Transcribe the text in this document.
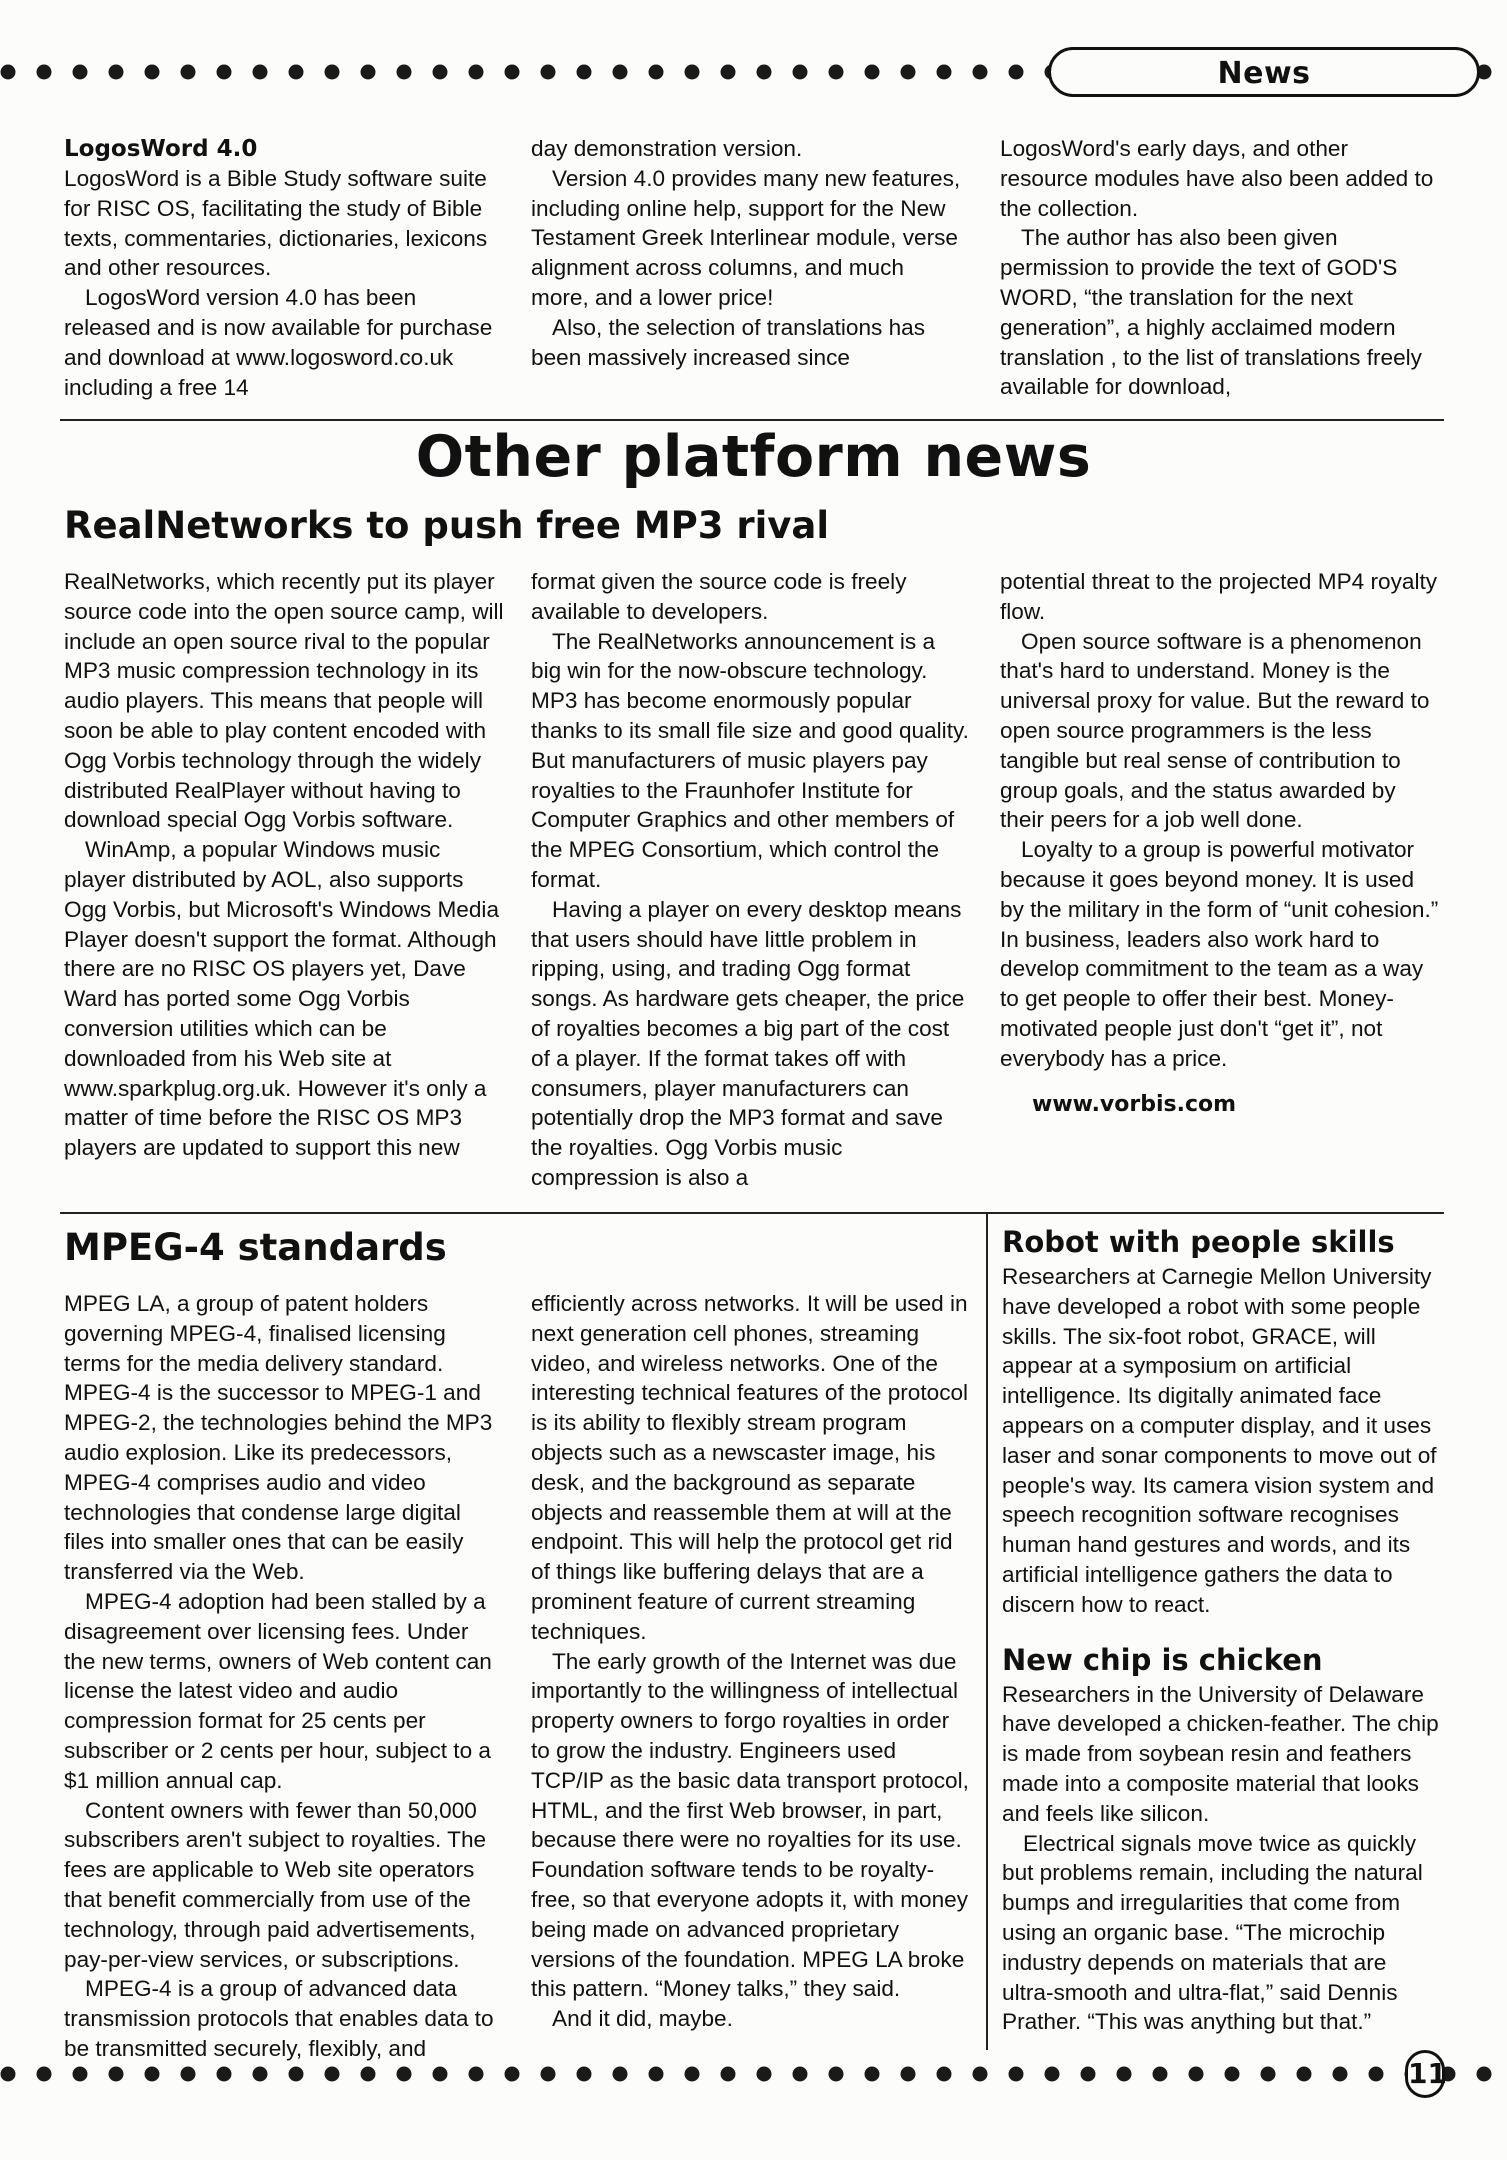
News
LogosWord 4.0

LogosWord is a Bible Study software suite for RISC OS, facilitating the study of Bible texts, commentaries, dictionaries, lexicons and other resources.

LogosWord version 4.0 has been released and is now available for purchase and download at www.logosword.co.uk including a free 14

day demonstration version.

Version 4.0 provides many new features, including online help, support for the New Testament Greek Interlinear module, verse alignment across columns, and much more, and a lower price!

Also, the selection of translations has been massively increased since

LogosWord's early days, and other resource modules have also been added to the collection.

The author has also been given permission to provide the text of GOD'S WORD, “the translation for the next generation”, a highly acclaimed modern translation , to the list of translations freely available for download,

Other platform news
RealNetworks to push free MP3 rival

RealNetworks, which recently put its player source code into the open source camp, will include an open source rival to the popular MP3 music compression technology in its audio players. This means that people will soon be able to play content encoded with Ogg Vorbis technology through the widely distributed RealPlayer without having to download special Ogg Vorbis software.

WinAmp, a popular Windows music player distributed by AOL, also supports Ogg Vorbis, but Microsoft's Windows Media Player doesn't support the format. Although there are no RISC OS players yet, Dave Ward has ported some Ogg Vorbis conversion utilities which can be downloaded from his Web site at www.sparkplug.org.uk. However it's only a matter of time before the RISC OS MP3 players are updated to support this new

format given the source code is freely available to developers.

The RealNetworks announcement is a big win for the now-obscure technology. MP3 has become enormously popular thanks to its small file size and good quality. But manufacturers of music players pay royalties to the Fraunhofer Institute for Computer Graphics and other members of the MPEG Consortium, which control the format.

Having a player on every desktop means that users should have little problem in ripping, using, and trading Ogg format songs. As hardware gets cheaper, the price of royalties becomes a big part of the cost of a player. If the format takes off with consumers, player manufacturers can potentially drop the MP3 format and save the royalties. Ogg Vorbis music compression is also a

potential threat to the projected MP4 royalty flow.

Open source software is a phenomenon that's hard to understand. Money is the universal proxy for value. But the reward to open source programmers is the less tangible but real sense of contribution to group goals, and the status awarded by their peers for a job well done.

Loyalty to a group is powerful motivator because it goes beyond money. It is used by the military in the form of “unit cohesion.” In business, leaders also work hard to develop commitment to the team as a way to get people to offer their best. Money-motivated people just don't “get it”, not everybody has a price.

www.vorbis.com

MPEG-4 standards

MPEG LA, a group of patent holders governing MPEG-4, finalised licensing terms for the media delivery standard. MPEG-4 is the successor to MPEG-1 and MPEG-2, the technologies behind the MP3 audio explosion. Like its predecessors, MPEG-4 comprises audio and video technologies that condense large digital files into smaller ones that can be easily transferred via the Web.

MPEG-4 adoption had been stalled by a disagreement over licensing fees. Under the new terms, owners of Web content can license the latest video and audio compression format for 25 cents per subscriber or 2 cents per hour, subject to a $1 million annual cap.

Content owners with fewer than 50,000 subscribers aren't subject to royalties. The fees are applicable to Web site operators that benefit commercially from use of the technology, through paid advertisements, pay-per-view services, or subscriptions.

MPEG-4 is a group of advanced data transmission protocols that enables data to be transmitted securely, flexibly, and

efficiently across networks. It will be used in next generation cell phones, streaming video, and wireless networks. One of the interesting technical features of the protocol is its ability to flexibly stream program objects such as a newscaster image, his desk, and the background as separate objects and reassemble them at will at the endpoint. This will help the protocol get rid of things like buffering delays that are a prominent feature of current streaming techniques.

The early growth of the Internet was due importantly to the willingness of intellectual property owners to forgo royalties in order to grow the industry. Engineers used TCP/IP as the basic data transport protocol, HTML, and the first Web browser, in part, because there were no royalties for its use. Foundation software tends to be royalty-free, so that everyone adopts it, with money being made on advanced proprietary versions of the foundation. MPEG LA broke this pattern. “Money talks,” they said.

And it did, maybe.

Robot with people skills

Researchers at Carnegie Mellon University have developed a robot with some people skills. The six-foot robot, GRACE, will appear at a symposium on artificial intelligence. Its digitally animated face appears on a computer display, and it uses laser and sonar components to move out of people's way. Its camera vision system and speech recognition software recognises human hand gestures and words, and its artificial intelligence gathers the data to discern how to react.

New chip is chicken

Researchers in the University of Delaware have developed a chicken-feather. The chip is made from soybean resin and feathers made into a composite material that looks and feels like silicon.

Electrical signals move twice as quickly but problems remain, including the natural bumps and irregularities that come from using an organic base. “The microchip industry depends on materials that are ultra-smooth and ultra-flat,” said Dennis Prather. “This was anything but that.”

11
